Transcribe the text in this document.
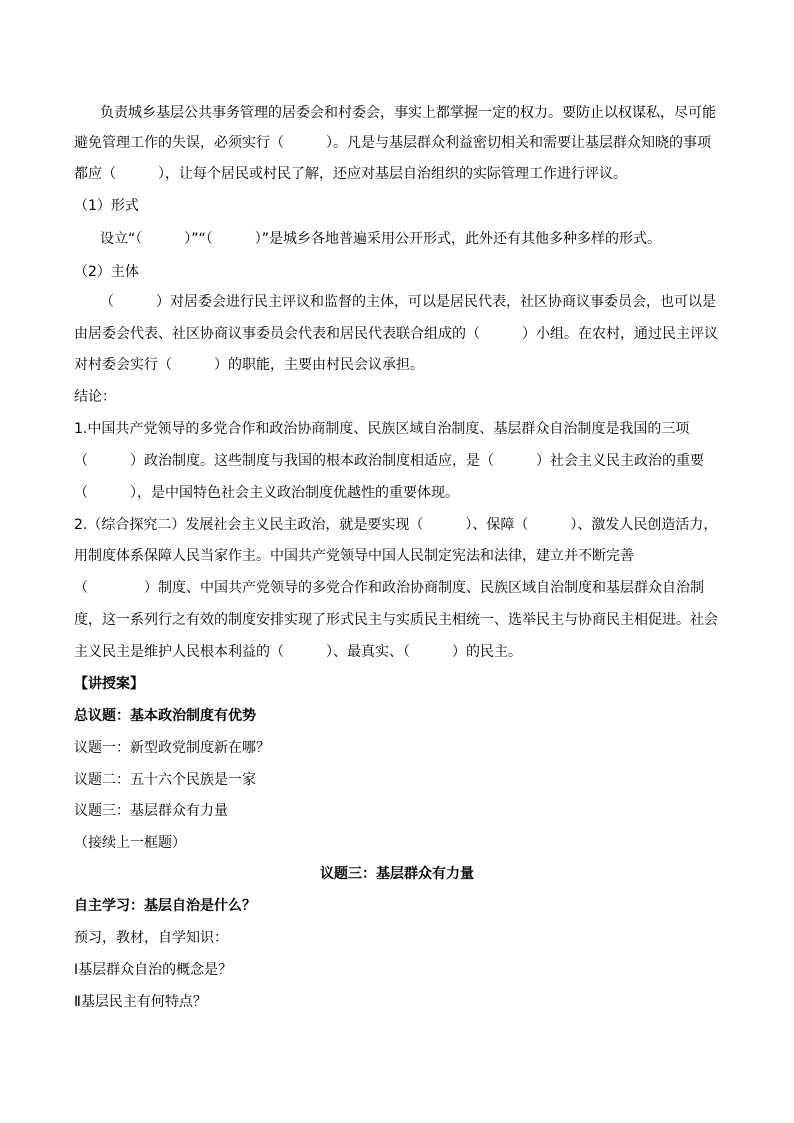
负责城乡基层公共事务管理的居委会和村委会，事实上都掌握一定的权力。要防止以权谋私，尽可能
避免管理工作的失误，必须实行（　　　）。凡是与基层群众利益密切相关和需要让基层群众知晓的事项
都应（　　　），让每个居民或村民了解，还应对基层自治组织的实际管理工作进行评议。
（1）形式
设立“（　　　）”“（　　　）”是城乡各地普遍采用公开形式，此外还有其他多种多样的形式。
（2）主体
（　　　）对居委会进行民主评议和监督的主体，可以是居民代表，社区协商议事委员会，也可以是
由居委会代表、社区协商议事委员会代表和居民代表联合组成的（　　　）小组。在农村，通过民主评议
对村委会实行（　　　）的职能，主要由村民会议承担。
结论：
1.中国共产党领导的多党合作和政治协商制度、民族区域自治制度、基层群众自治制度是我国的三项
（　　　）政治制度。这些制度与我国的根本政治制度相适应，是（　　　）社会主义民主政治的重要
（　　　），是中国特色社会主义政治制度优越性的重要体现。
2.（综合探究二）发展社会主义民主政治，就是要实现（　　　）、保障（　　　）、激发人民创造活力，
用制度体系保障人民当家作主。中国共产党领导中国人民制定宪法和法律，建立并不断完善
（　　　　）制度、中国共产党领导的多党合作和政治协商制度、民族区域自治制度和基层群众自治制
度，这一系列行之有效的制度安排实现了形式民主与实质民主相统一、选举民主与协商民主相促进。社会
主义民主是维护人民根本利益的（　　　）、最真实、（　　　）的民主。
【讲授案】
总议题：基本政治制度有优势
议题一：新型政党制度新在哪？
议题二：五十六个民族是一家
议题三：基层群众有力量
（接续上一框题）
议题三：基层群众有力量
自主学习：基层自治是什么？
预习，教材，自学知识：
Ⅰ基层群众自治的概念是？
Ⅱ基层民主有何特点？
